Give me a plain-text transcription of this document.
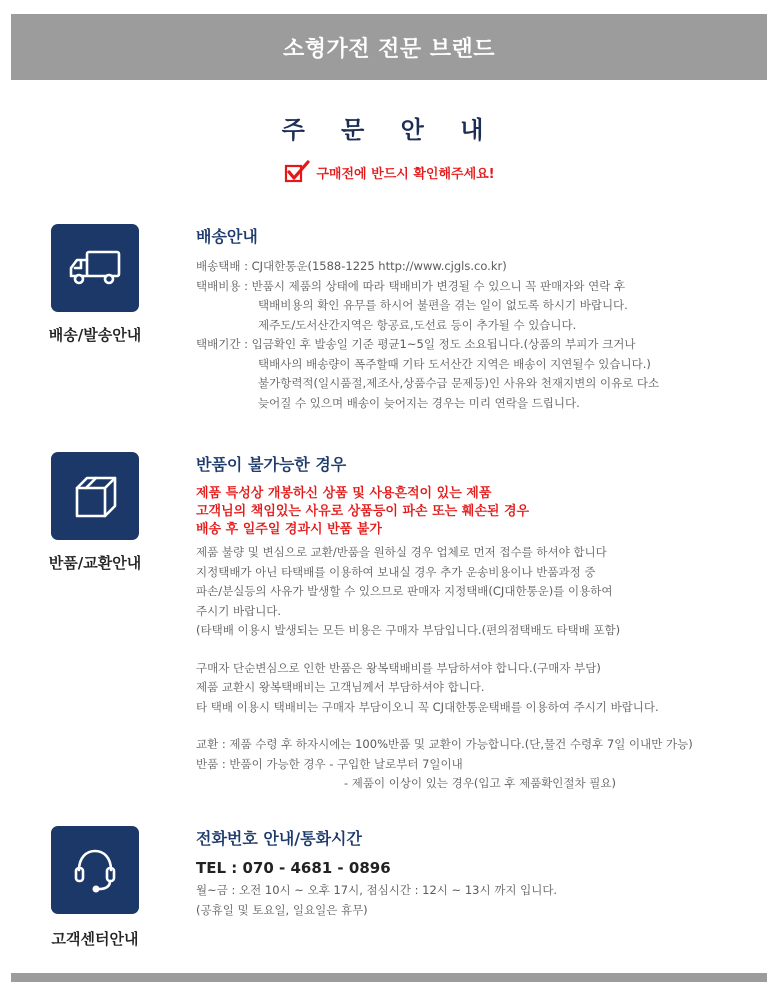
소형가전 전문 브랜드
주 문 안 내
구매전에 반드시 확인해주세요!
배송/발송안내
배송안내
배송택배 : CJ대한통운(1588-1225 http://www.cjgls.co.kr)
택배비용 : 반품시 제품의 상태에 따라 택배비가 변경될 수 있으니 꼭 판매자와 연락 후
택배비용의 확인 유무를 하시어 불편을 겪는 일이 없도록 하시기 바랍니다.
제주도/도서산간지역은 항공료,도선료 등이 추가될 수 있습니다.
택배기간 : 입금확인 후 발송일 기준 평균1~5일 정도 소요됩니다.(상품의 부피가 크거나
택배사의 배송량이 폭주할때 기타 도서산간 지역은 배송이 지연될수 있습니다.)
불가항력적(일시품절,제조사,상품수급 문제등)인 사유와 천재지변의 이유로 다소
늦어질 수 있으며 배송이 늦어지는 경우는 미리 연락을 드립니다.
반품/교환안내
반품이 불가능한 경우
제품 특성상 개봉하신 상품 및 사용흔적이 있는 제품
고객님의 책임있는 사유로 상품등이 파손 또는 훼손된 경우
배송 후 일주일 경과시 반품 불가
제품 불량 및 변심으로 교환/반품을 원하실 경우 업체로 먼저 접수를 하셔야 합니다
지정택배가 아닌 타택배를 이용하여 보내실 경우 추가 운송비용이나 반품과정 중
파손/분실등의 사유가 발생할 수 있으므로 판매자 지정택배(CJ대한통운)를 이용하여
주시기 바랍니다.
(타택배 이용시 발생되는 모든 비용은 구매자 부담입니다.(편의점택배도 타택배 포함)
구매자 단순변심으로 인한 반품은 왕복택배비를 부담하셔야 합니다.(구매자 부담)
제품 교환시 왕복택배비는 고객님께서 부담하셔야 합니다.
타 택배 이용시 택배비는 구매자 부담이오니 꼭 CJ대한통운택배를 이용하여 주시기 바랍니다.
교환 : 제품 수령 후 하자시에는 100%반품 및 교환이 가능합니다.(단,물건 수령후 7일 이내만 가능)
반품 : 반품이 가능한 경우 - 구입한 날로부터 7일이내
- 제품이 이상이 있는 경우(입고 후 제품확인절차 필요)
고객센터안내
전화번호 안내/통화시간
TEL : 070 - 4681 - 0896
월~금 : 오전 10시 ~ 오후 17시, 점심시간 : 12시 ~ 13시 까지 입니다.
(공휴일 및 토요일, 일요일은 휴무)
